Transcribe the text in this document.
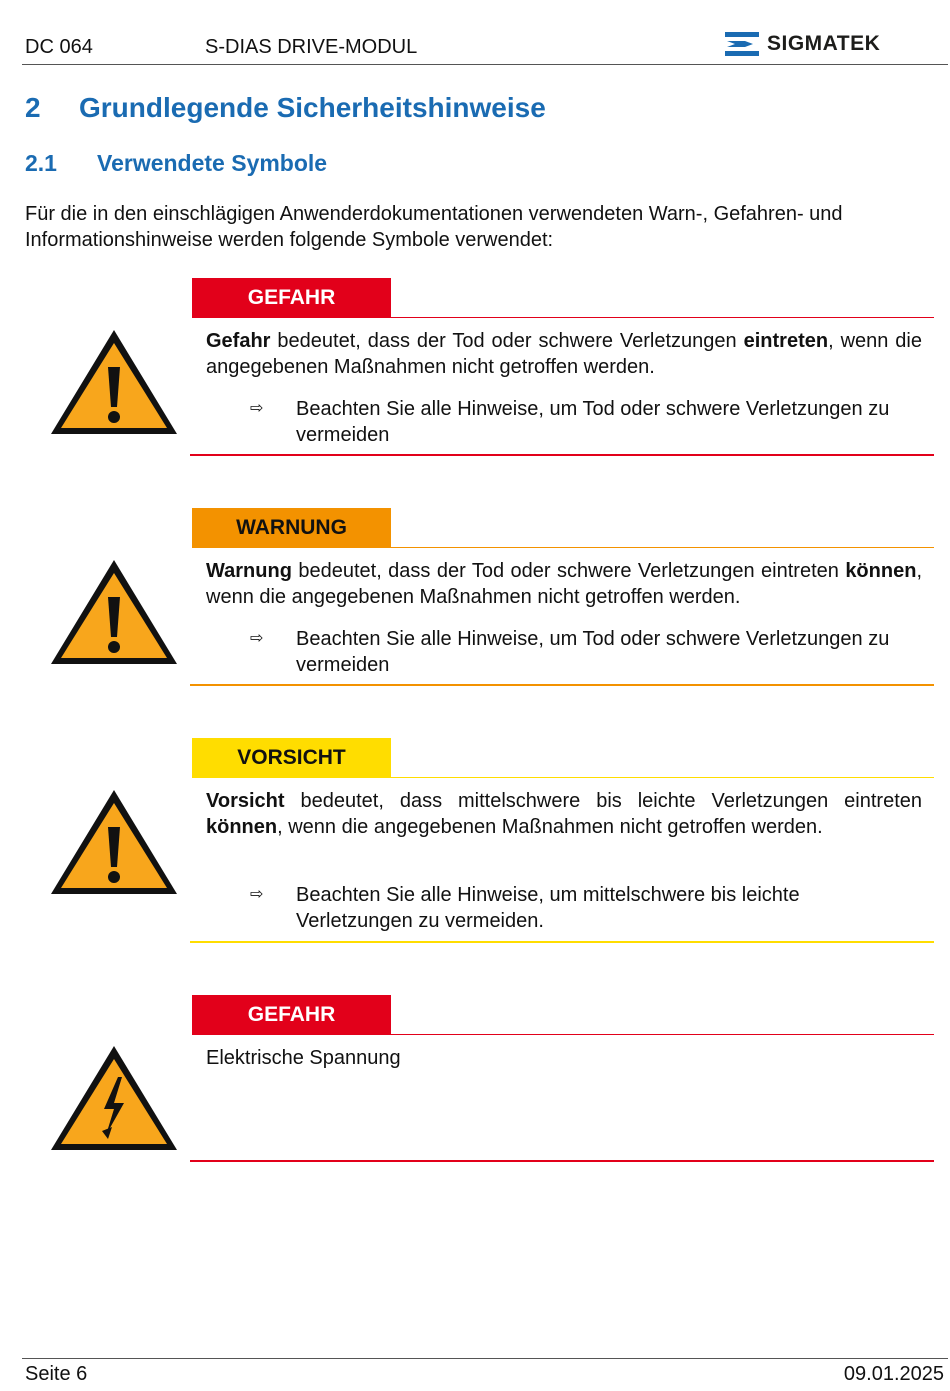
DC 064	S-DIAS DRIVE-MODUL	SIGMATEK
2 Grundlegende Sicherheitshinweise
2.1 Verwendete Symbole
Für die in den einschlägigen Anwenderdokumentationen verwendeten Warn-, Gefahren- und Informationshinweise werden folgende Symbole verwendet:
GEFAHR
Gefahr bedeutet, dass der Tod oder schwere Verletzungen eintreten, wenn die angegebenen Maßnahmen nicht getroffen werden.
⇨ Beachten Sie alle Hinweise, um Tod oder schwere Verletzungen zu vermeiden
WARNUNG
Warnung bedeutet, dass der Tod oder schwere Verletzungen eintreten können, wenn die angegebenen Maßnahmen nicht getroffen werden.
⇨ Beachten Sie alle Hinweise, um Tod oder schwere Verletzungen zu vermeiden
VORSICHT
Vorsicht bedeutet, dass mittelschwere bis leichte Verletzungen eintreten können, wenn die angegebenen Maßnahmen nicht getroffen werden.
⇨ Beachten Sie alle Hinweise, um mittelschwere bis leichte Verletzungen zu vermeiden.
GEFAHR
Elektrische Spannung
Seite 6	09.01.2025
